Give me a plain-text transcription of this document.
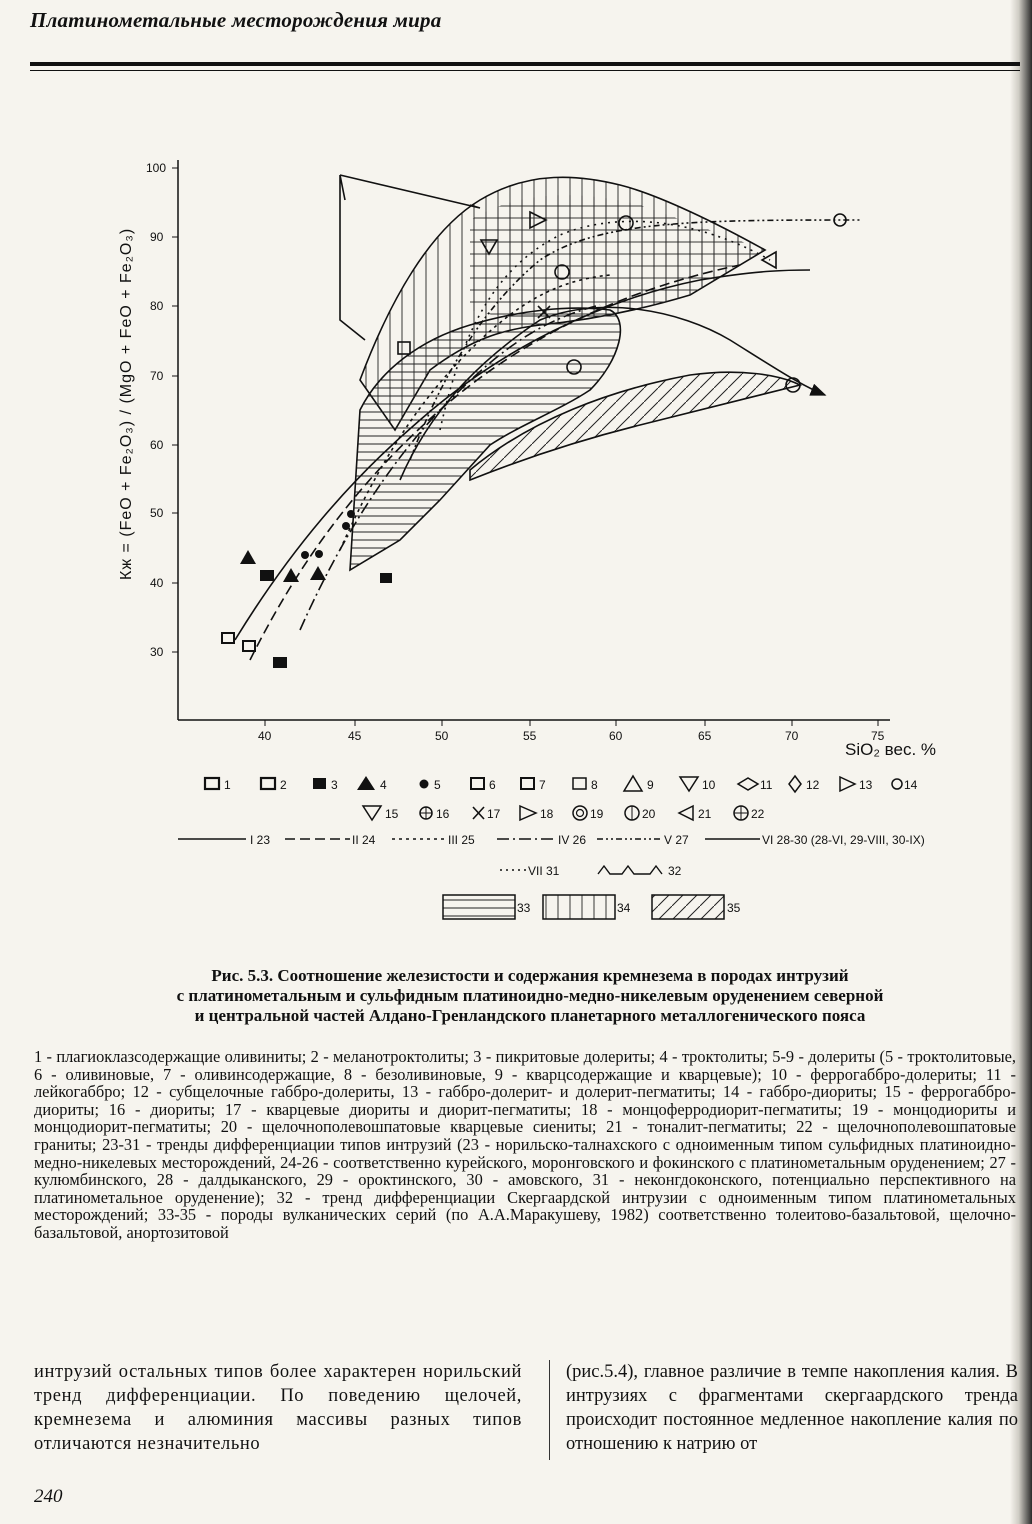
Платинометальные месторождения мира
100
90
80
70
60
50
40
30
40	45	50	55	60	65	70	75
1	2	3	4	5	6	7	8	9	10	11	12	13	14
15	16	17	18	19	20	21	22
I 23	II 24	III 25	IV 26	V 27	VI 28-30 (28-VI, 29-VIII, 30-IX)
VII 31	32
33	34	35
Кж = (FeO + Fe₂O₃) / (MgO + FeO + Fe₂O₃)
SiO₂ вес. %
Рис. 5.3. Соотношение железистости и содержания кремнезема в породах интрузий
с платинометальным и сульфидным платиноидно-медно-никелевым оруденением северной
и центральной частей Алдано-Гренландского планетарного металлогенического пояса
1 - плагиоклазсодержащие оливиниты; 2 - меланотроктолиты; 3 - пикритовые долериты; 4 - троктолиты; 5-9 - долериты (5 - троктолитовые, 6 - оливиновые, 7 - оливинсодержащие, 8 - безоливиновые, 9 - кварцсодержащие и кварцевые); 10 - феррогаббро-долериты; 11 - лейкогаббро; 12 - субщелочные габбро-долериты, 13 - габбро-долерит- и долерит-пегматиты; 14 - габбро-диориты; 15 - феррогаббро-диориты; 16 - диориты; 17 - кварцевые диориты и диорит-пегматиты; 18 - монцоферродиорит-пегматиты; 19 - монцодиориты и монцодиорит-пегматиты; 20 - щелочнополевошпатовые кварцевые сиениты; 21 - тоналит-пегматиты; 22 - щелочнополевошпатовые граниты; 23-31 - тренды дифференциации типов интрузий (23 - норильско-талнахского с одноименным типом сульфидных платиноидно-медно-никелевых месторождений, 24-26 - соответственно курейского, моронговского и фокинского с платинометальным оруденением; 27 - кулюмбинского, 28 - далдыканского, 29 - ороктинского, 30 - амовского, 31 - неконгдоконского, потенциально перспективного на платинометальное оруденение); 32 - тренд дифференциации Скергаардской интрузии с одноименным типом платинометальных месторождений; 33-35 - породы вулканических серий (по А.А.Маракушеву, 1982) соответственно толеитово-базальтовой, щелочно-базальтовой, анортозитовой
интрузий остальных типов более характерен норильский тренд дифференциации. По поведению щелочей, кремнезема и алюминия массивы разных типов отличаются незначительно
(рис.5.4), главное различие в темпе накопления калия. В интрузиях с фрагментами скергаардского тренда происходит постоянное медленное накопление калия по отношению к натрию от
240
